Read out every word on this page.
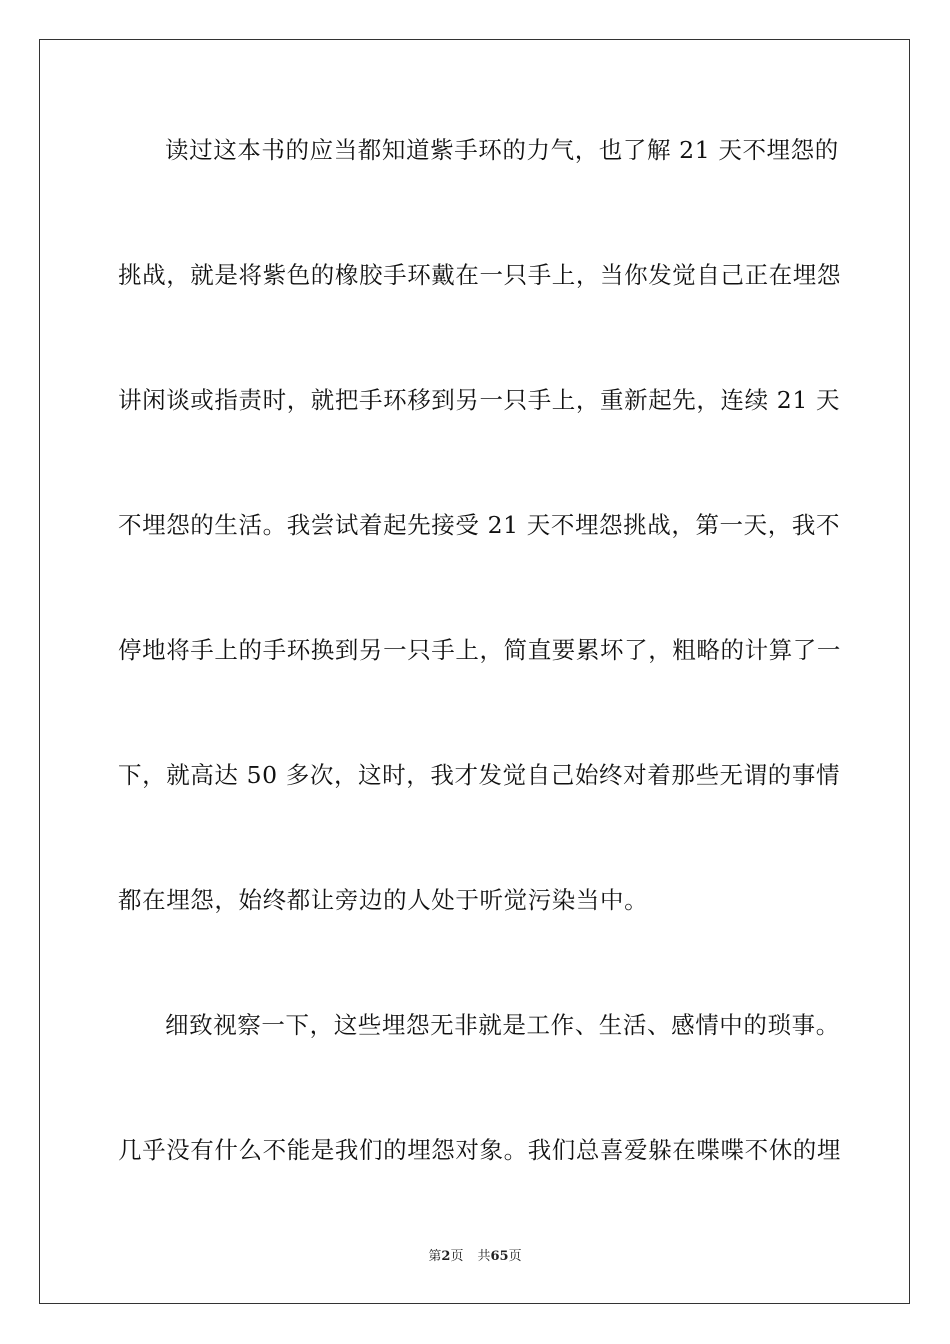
读过这本书的应当都知道紫手环的力气，也了解 21 天不埋怨的
挑战，就是将紫色的橡胶手环戴在一只手上，当你发觉自己正在埋怨
讲闲谈或指责时，就把手环移到另一只手上，重新起先，连续 21 天
不埋怨的生活。我尝试着起先接受 21 天不埋怨挑战，第一天，我不
停地将手上的手环换到另一只手上，简直要累坏了，粗略的计算了一
下，就高达 50 多次，这时，我才发觉自己始终对着那些无谓的事情
都在埋怨，始终都让旁边的人处于听觉污染当中。
细致视察一下，这些埋怨无非就是工作、生活、感情中的琐事。
几乎没有什么不能是我们的埋怨对象。我们总喜爱躲在喋喋不休的埋
第2页 共65页
